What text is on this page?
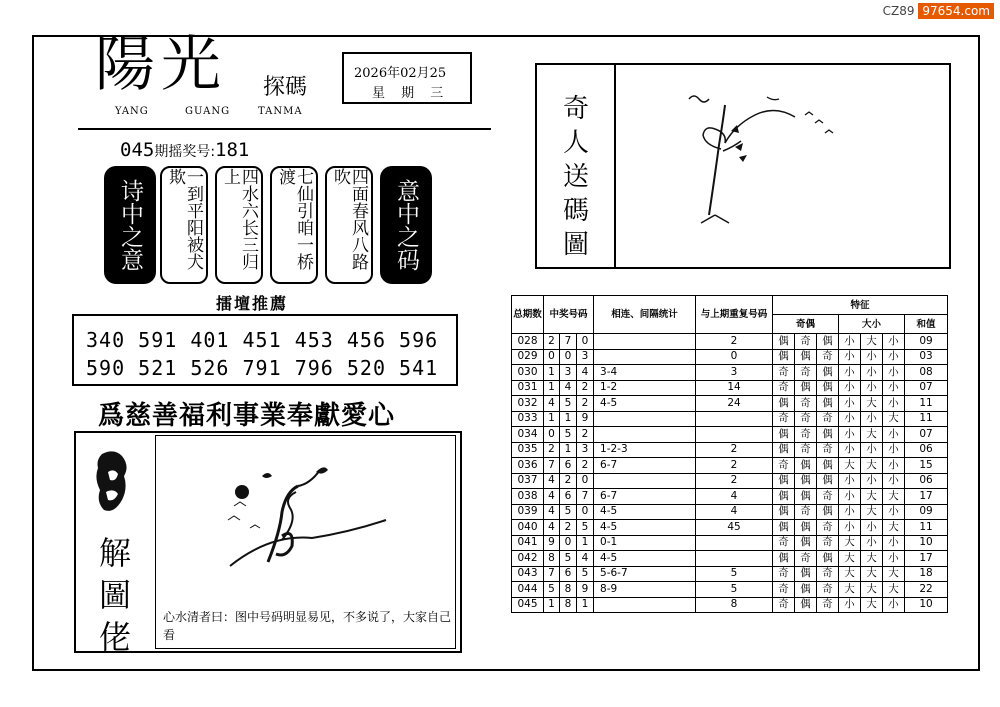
CZ89 97654.com
陽光 探碼
YANG	GUANG	TANMA
2026年02月25
星 期 三
045期摇奖号:181
诗中之意	一到平阳被犬欺	四水六长三归上	七仙引咱一桥渡	四面春风八路吹
意中之码
擂壇推薦
340 591 401 451 453 456 596
590 521 526 791 796 520 541
爲慈善福利事業奉獻愛心
解
圖
佬
心水清者曰：图中号码明显易见，不多说了，大家自己看
奇
人
送
碼
圖
总期数	中奖号码			相连、间隔统计	与上期重复号码	特征						
						奇偶			大小			和值
028	2	7	0		2	偶	奇	偶	小	大	小	09
029	0	0	3		0	偶	偶	奇	小	小	小	03
030	1	3	4	3-4	3	奇	奇	偶	小	小	小	08
031	1	4	2	1-2	14	奇	偶	偶	小	小	小	07
032	4	5	2	4-5	24	偶	奇	偶	小	大	小	11
033	1	1	9			奇	奇	奇	小	小	大	11
034	0	5	2			偶	奇	偶	小	大	小	07
035	2	1	3	1-2-3	2	偶	奇	奇	小	小	小	06
036	7	6	2	6-7	2	奇	偶	偶	大	大	小	15
037	4	2	0		2	偶	偶	偶	小	小	小	06
038	4	6	7	6-7	4	偶	偶	奇	小	大	大	17
039	4	5	0	4-5	4	偶	奇	偶	小	大	小	09
040	4	2	5	4-5	45	偶	偶	奇	小	小	大	11
041	9	0	1	0-1		奇	偶	奇	大	小	小	10
042	8	5	4	4-5		偶	奇	偶	大	大	小	17
043	7	6	5	5-6-7	5	奇	偶	奇	大	大	大	18
044	5	8	9	8-9	5	奇	偶	奇	大	大	大	22
045	1	8	1		8	奇	偶	奇	小	大	小	10
